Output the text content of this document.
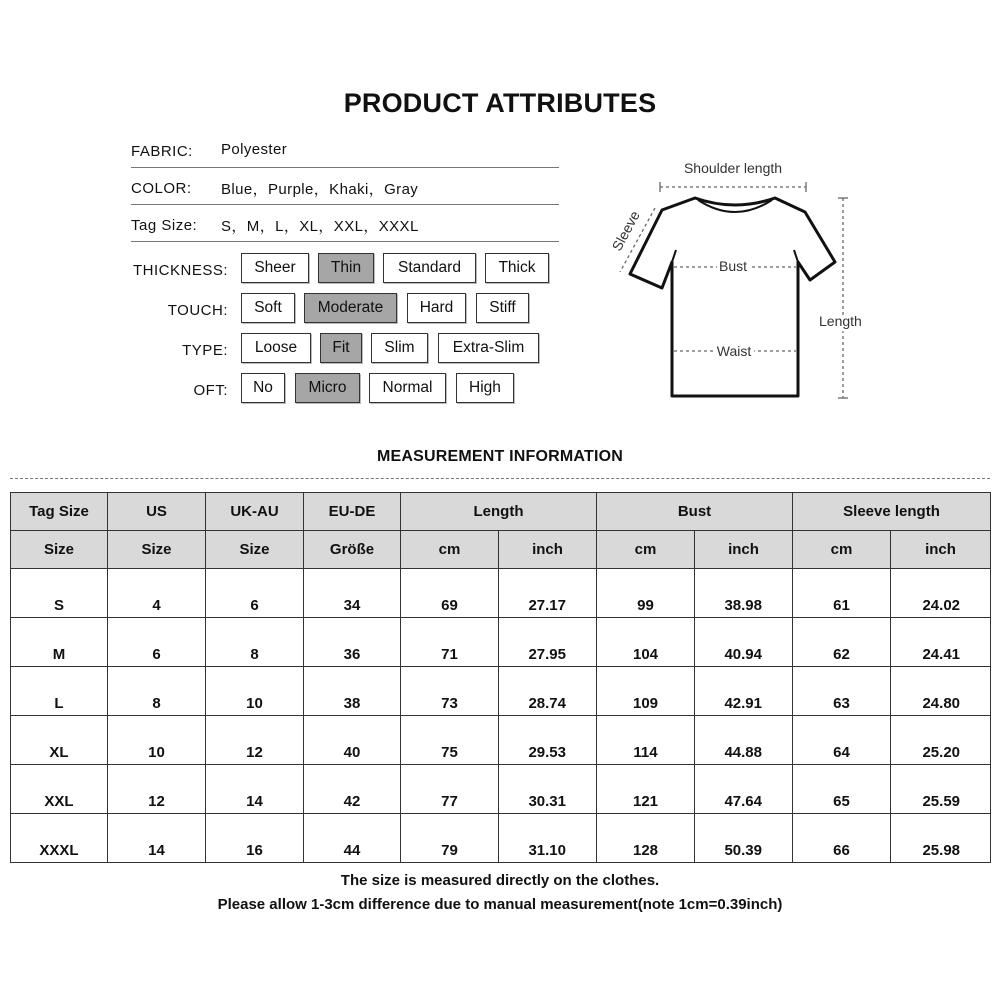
PRODUCT ATTRIBUTES
FABRIC: Polyester
COLOR: Blue，Purple，Khaki，Gray
Tag Size: S，M，L，XL，XXL，XXXL
THICKNESS:	Sheer	Thin	Standard	Thick
TOUCH:	Soft	Moderate	Hard	Stiff
TYPE:	Loose	Fit	Slim	Extra-Slim
OFT:	No	Micro	Normal	High
Shoulder length
Sleeve
Bust
Waist
Length
MEASUREMENT INFORMATION
Tag Size	US	UK-AU	EU-DE	Length		Bust		Sleeve length	
Size	Size	Size	Größe	cm	inch	cm	inch	cm	inch
S	4	6	34	69	27.17	99	38.98	61	24.02
M	6	8	36	71	27.95	104	40.94	62	24.41
L	8	10	38	73	28.74	109	42.91	63	24.80
XL	10	12	40	75	29.53	114	44.88	64	25.20
XXL	12	14	42	77	30.31	121	47.64	65	25.59
XXXL	14	16	44	79	31.10	128	50.39	66	25.98
The size is measured directly on the clothes.
Please allow 1-3cm difference due to manual measurement(note 1cm=0.39inch)
